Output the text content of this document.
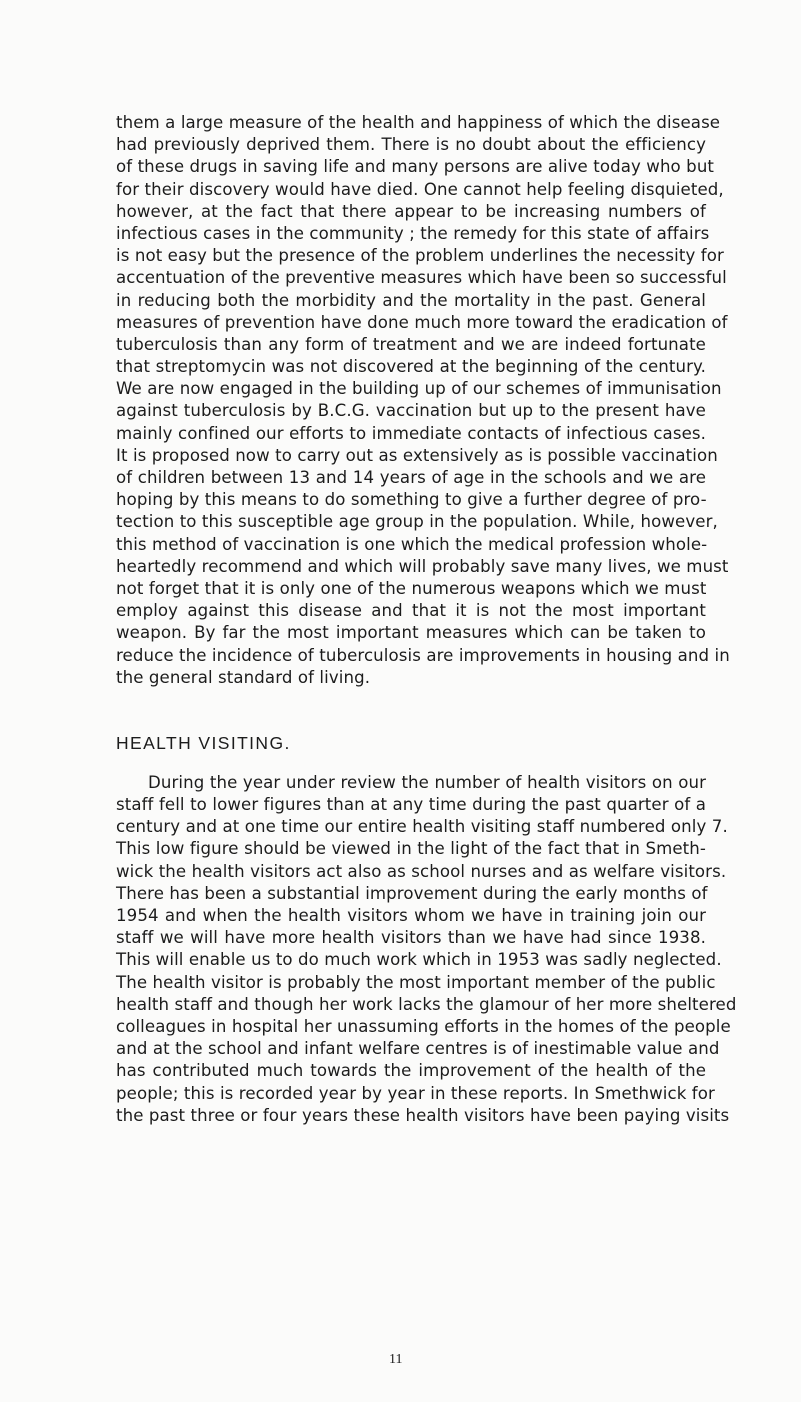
them a large measure of the health and happiness of which the disease
had previously deprived them. There is no doubt about the efficiency
of these drugs in saving life and many persons are alive today who but
for their discovery would have died. One cannot help feeling disquieted,
however, at the fact that there appear to be increasing numbers of
infectious cases in the community ; the remedy for this state of affairs
is not easy but the presence of the problem underlines the necessity for
accentuation of the preventive measures which have been so successful
in reducing both the morbidity and the mortality in the past. General
measures of prevention have done much more toward the eradication of
tuberculosis than any form of treatment and we are indeed fortunate
that streptomycin was not discovered at the beginning of the century.
We are now engaged in the building up of our schemes of immunisation
against tuberculosis by B.C.G. vaccination but up to the present have
mainly confined our efforts to immediate contacts of infectious cases.
It is proposed now to carry out as extensively as is possible vaccination
of children between 13 and 14 years of age in the schools and we are
hoping by this means to do something to give a further degree of pro-
tection to this susceptible age group in the population. While, however,
this method of vaccination is one which the medical profession whole-
heartedly recommend and which will probably save many lives, we must
not forget that it is only one of the numerous weapons which we must
employ against this disease and that it is not the most important
weapon. By far the most important measures which can be taken to
reduce the incidence of tuberculosis are improvements in housing and in
the general standard of living.
HEALTH VISITING.
During the year under review the number of health visitors on our
staff fell to lower figures than at any time during the past quarter of a
century and at one time our entire health visiting staff numbered only 7.
This low figure should be viewed in the light of the fact that in Smeth-
wick the health visitors act also as school nurses and as welfare visitors.
There has been a substantial improvement during the early months of
1954 and when the health visitors whom we have in training join our
staff we will have more health visitors than we have had since 1938.
This will enable us to do much work which in 1953 was sadly neglected.
The health visitor is probably the most important member of the public
health staff and though her work lacks the glamour of her more sheltered
colleagues in hospital her unassuming efforts in the homes of the people
and at the school and infant welfare centres is of inestimable value and
has contributed much towards the improvement of the health of the
people; this is recorded year by year in these reports. In Smethwick for
the past three or four years these health visitors have been paying visits
11
